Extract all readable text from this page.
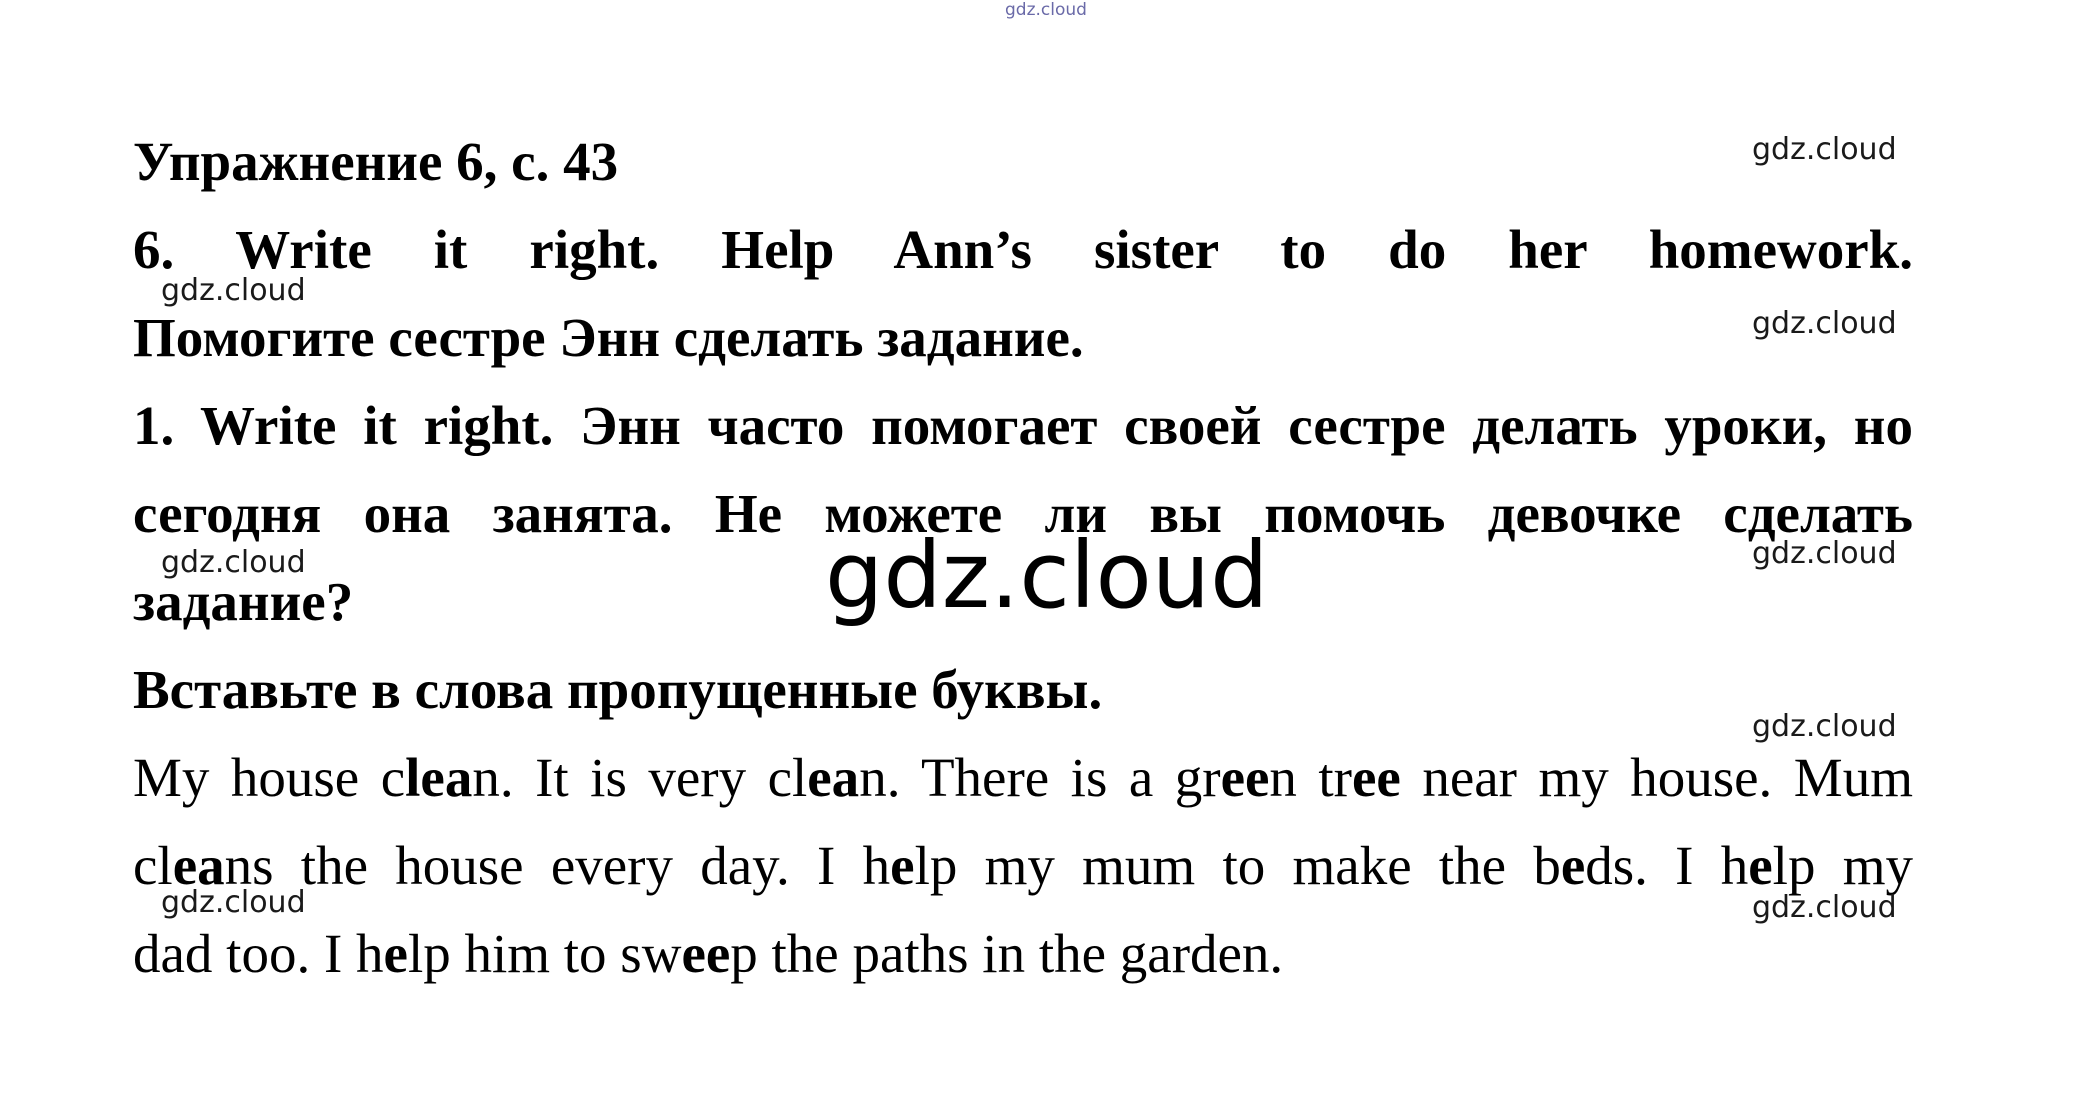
gdz.cloud
Упражнение 6, с. 43
6. Write it right. Help Ann’s sister to do her homework.
Помогите сестре Энн сделать задание.
1. Write it right. Энн часто помогает своей сестре делать уроки, но
сегодня она занята. Не можете ли вы помочь девочке сделать
задание?
Вставьте в слова пропущенные буквы.
My house clean. It is very clean. There is a green tree near my house. Mum
cleans the house every day. I help my mum to make the beds. I help my
dad too. I help him to sweep the paths in the garden.
gdz.cloud
gdz.cloud
gdz.cloud
gdz.cloud	gdz.cloud
gdz.cloud
gdz.cloud	gdz.cloud
gdz.cloud
